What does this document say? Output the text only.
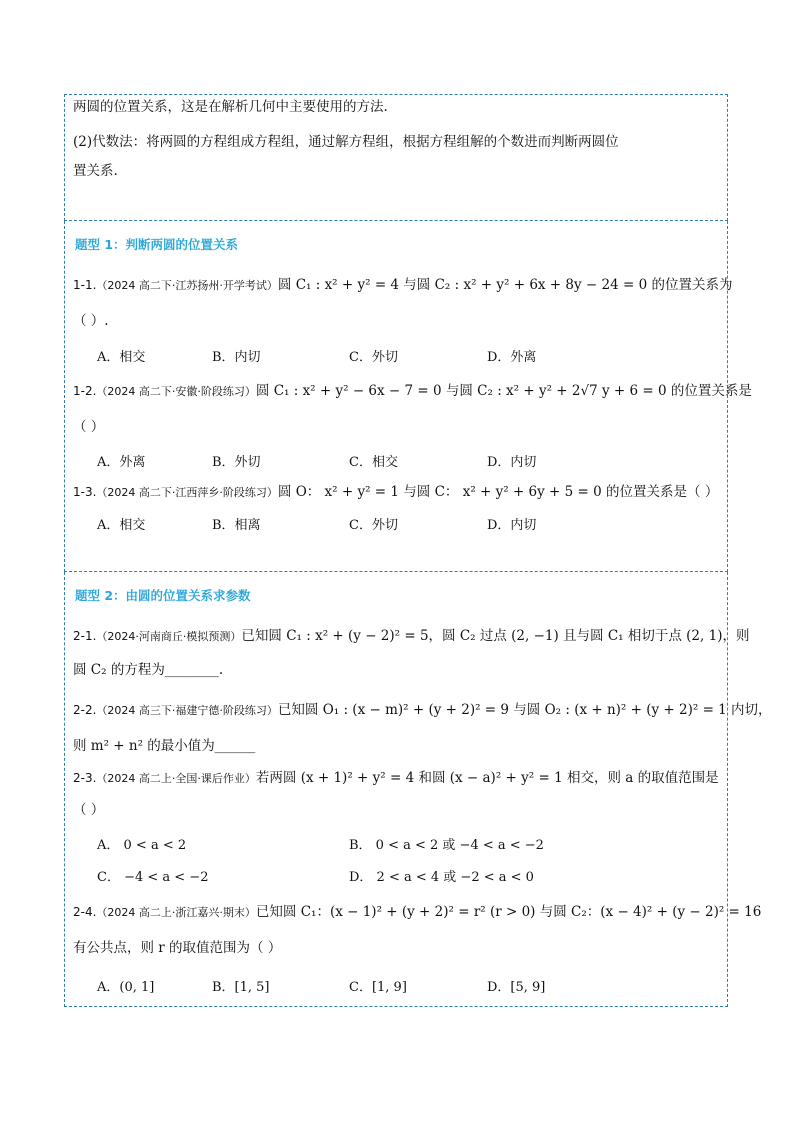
两圆的位置关系，这是在解析几何中主要使用的方法.
(2)代数法：将两圆的方程组成方程组，通过解方程组，根据方程组解的个数进而判断两圆位
置关系.
题型 1：判断两圆的位置关系
1-1.（2024 高二下·江苏扬州·开学考试）圆 C₁ : x² + y² = 4 与圆 C₂ : x² + y² + 6x + 8y − 24 = 0 的位置关系为
（ ）.
A．相交	B．内切	C．外切	D．外离
1-2.（2024 高二下·安徽·阶段练习）圆 C₁ : x² + y² − 6x − 7 = 0 与圆 C₂ : x² + y² + 2√7 y + 6 = 0 的位置关系是
（ ）
A．外离	B．外切	C．相交	D．内切
1-3.（2024 高二下·江西萍乡·阶段练习）圆 O： x² + y² = 1 与圆 C： x² + y² + 6y + 5 = 0 的位置关系是（ ）
A．相交	B．相离	C．外切	D．内切
题型 2：由圆的位置关系求参数
2-1.（2024·河南商丘·模拟预测）已知圆 C₁ : x² + (y − 2)² = 5，圆 C₂ 过点 (2, −1) 且与圆 C₁ 相切于点 (2, 1)，则
圆 C₂ 的方程为________.
2-2.（2024 高三下·福建宁德·阶段练习）已知圆 O₁ : (x − m)² + (y + 2)² = 9 与圆 O₂ : (x + n)² + (y + 2)² = 1 内切，
则 m² + n² 的最小值为______
2-3.（2024 高二上·全国·课后作业）若两圆 (x + 1)² + y² = 4 和圆 (x − a)² + y² = 1 相交，则 a 的取值范围是
（ ）
A． 0 < a < 2	B． 0 < a < 2 或 −4 < a < −2
C． −4 < a < −2	D． 2 < a < 4 或 −2 < a < 0
2-4.（2024 高二上·浙江嘉兴·期末）已知圆 C₁：(x − 1)² + (y + 2)² = r² (r > 0) 与圆 C₂：(x − 4)² + (y − 2)² = 16
有公共点，则 r 的取值范围为（ ）
A．(0, 1]	B．[1, 5]	C．[1, 9]	D．[5, 9]
